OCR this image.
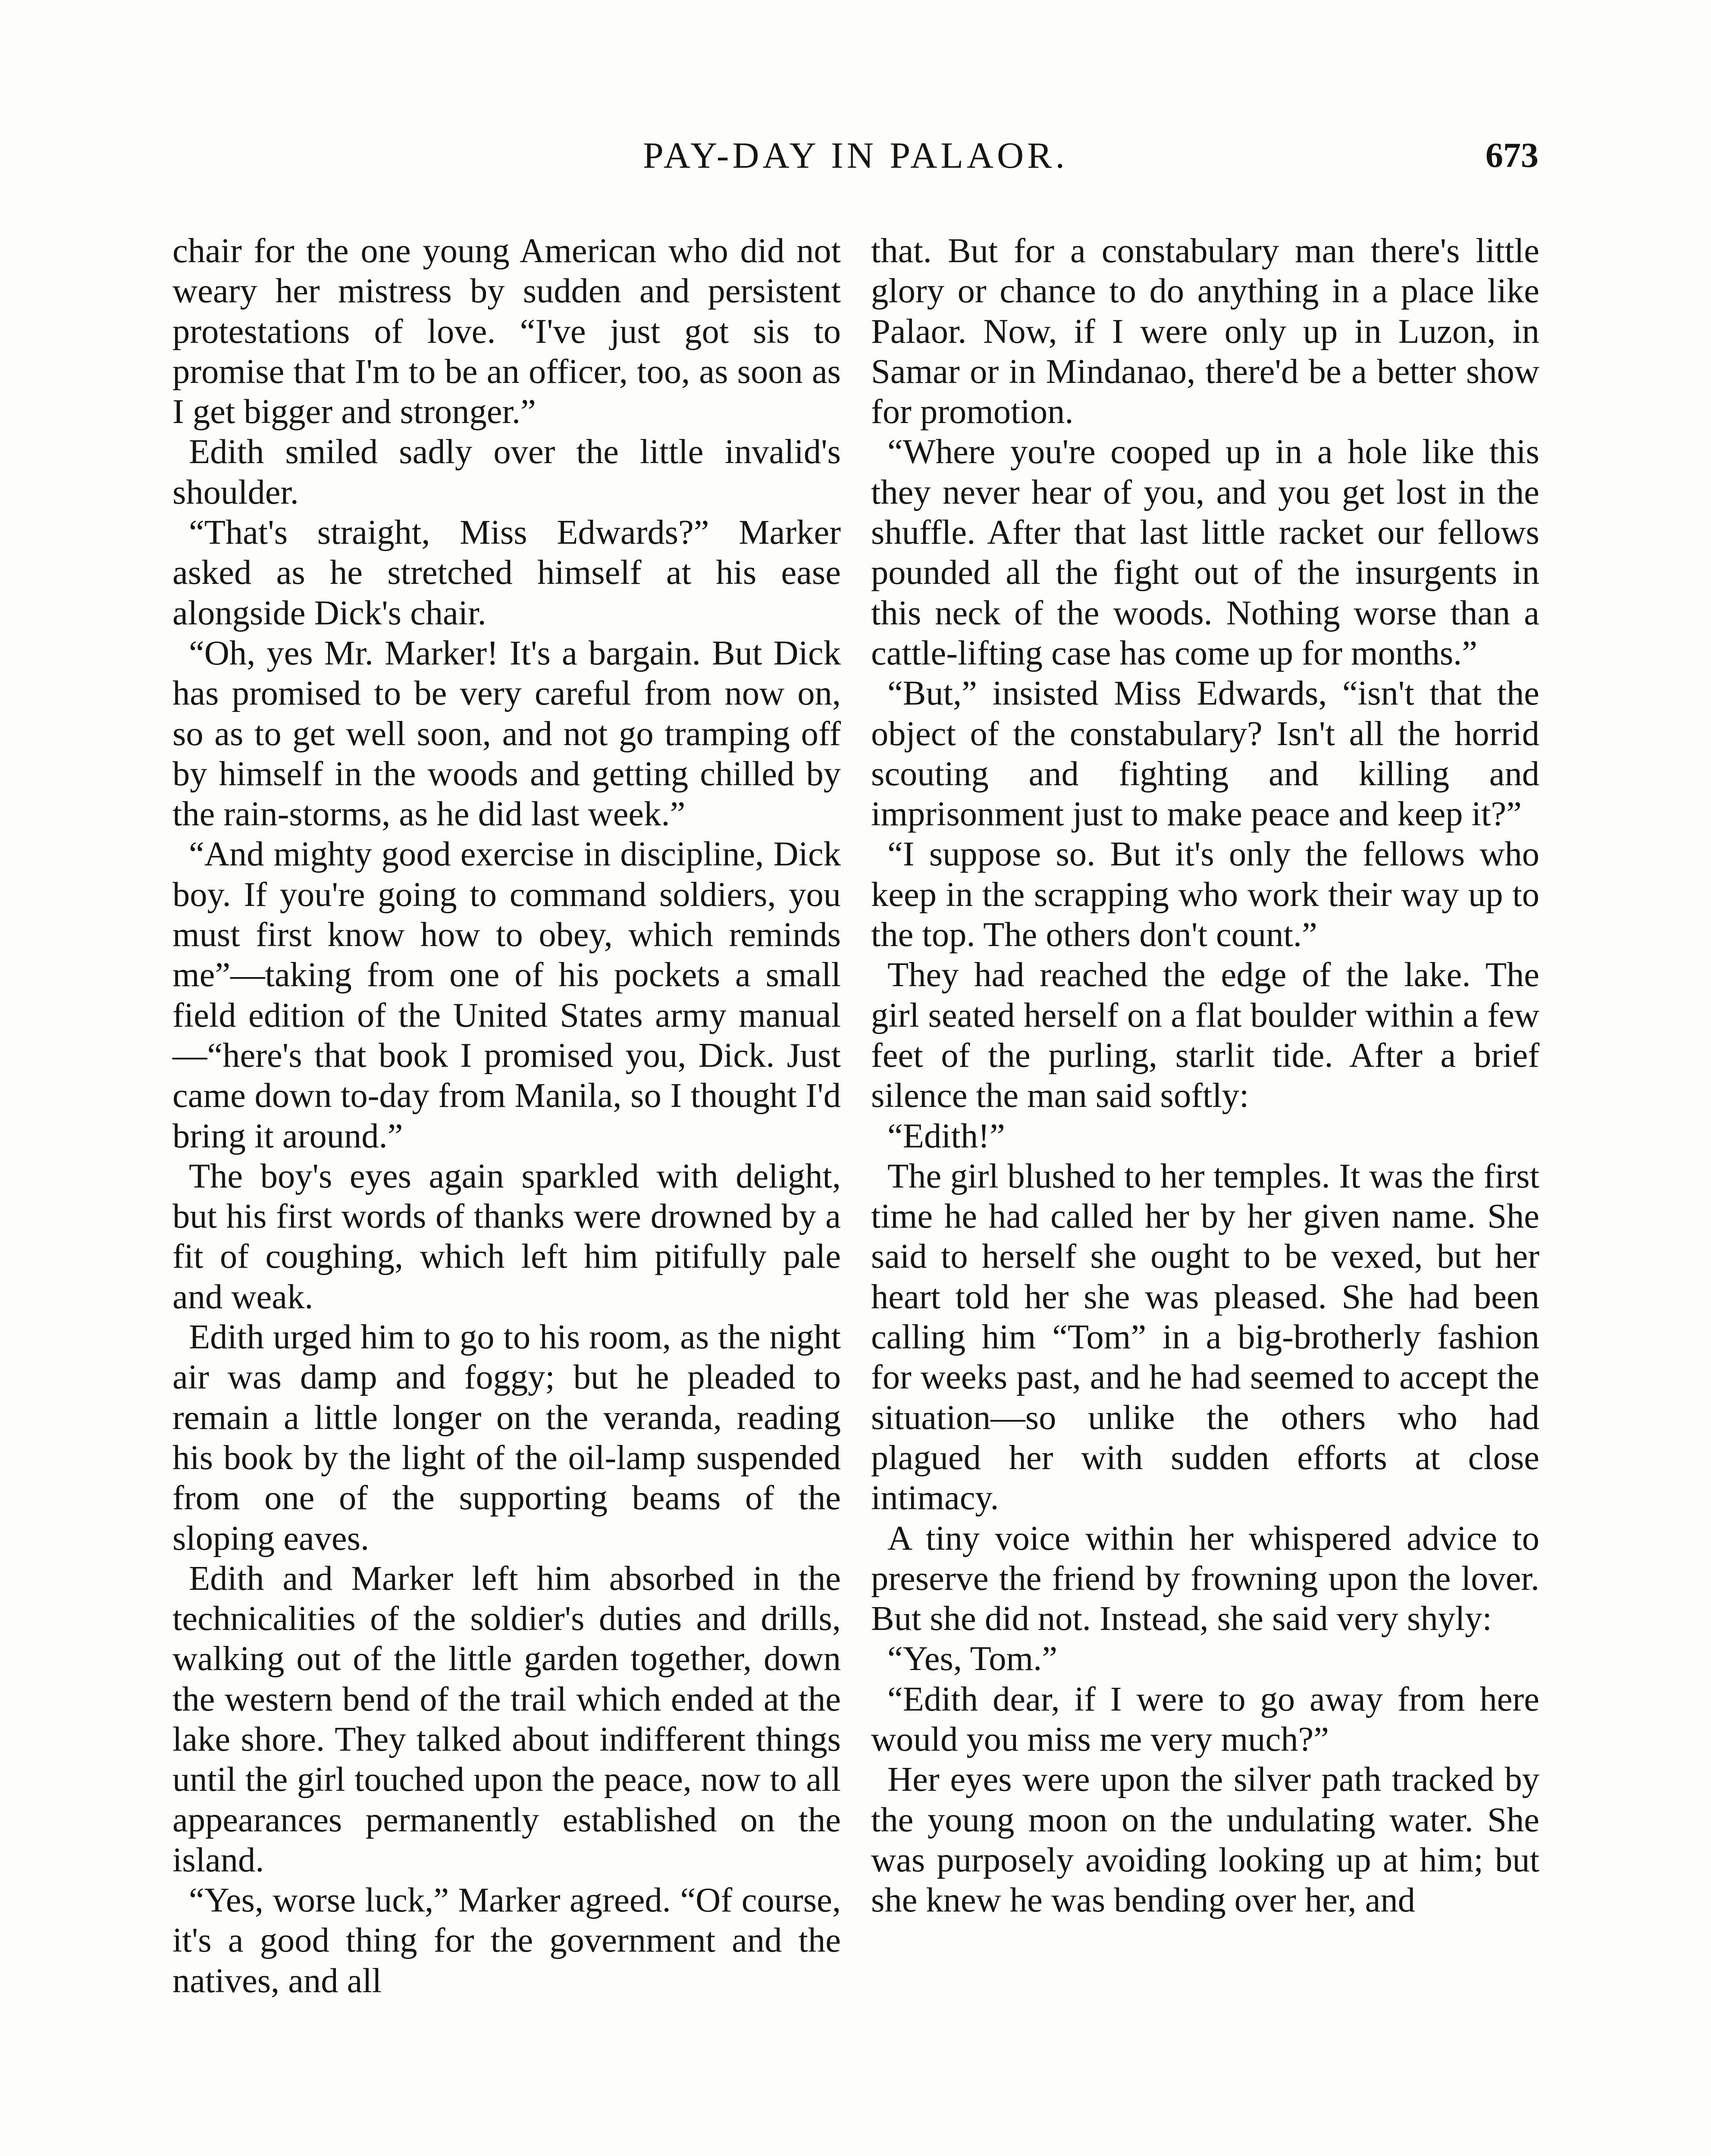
PAY-DAY IN PALAOR.	673

chair for the one young American who did not weary her mistress by sudden and persistent protestations of love. “I've just got sis to promise that I'm to be an officer, too, as soon as I get bigger and stronger.”

Edith smiled sadly over the little invalid's shoulder.

“That's straight, Miss Edwards?” Marker asked as he stretched himself at his ease alongside Dick's chair.

“Oh, yes Mr. Marker! It's a bargain. But Dick has promised to be very careful from now on, so as to get well soon, and not go tramping off by himself in the woods and getting chilled by the rain-storms, as he did last week.”

“And mighty good exercise in discipline, Dick boy. If you're going to command soldiers, you must first know how to obey, which reminds me”—taking from one of his pockets a small field edition of the United States army manual—“here's that book I promised you, Dick. Just came down to-day from Manila, so I thought I'd bring it around.”

The boy's eyes again sparkled with delight, but his first words of thanks were drowned by a fit of coughing, which left him pitifully pale and weak.

Edith urged him to go to his room, as the night air was damp and foggy; but he pleaded to remain a little longer on the veranda, reading his book by the light of the oil-lamp suspended from one of the supporting beams of the sloping eaves.

Edith and Marker left him absorbed in the technicalities of the soldier's duties and drills, walking out of the little garden together, down the western bend of the trail which ended at the lake shore. They talked about indifferent things until the girl touched upon the peace, now to all appearances permanently established on the island.

“Yes, worse luck,” Marker agreed. “Of course, it's a good thing for the government and the natives, and all

that. But for a constabulary man there's little glory or chance to do anything in a place like Palaor. Now, if I were only up in Luzon, in Samar or in Mindanao, there'd be a better show for promotion.

“Where you're cooped up in a hole like this they never hear of you, and you get lost in the shuffle. After that last little racket our fellows pounded all the fight out of the insurgents in this neck of the woods. Nothing worse than a cattle-lifting case has come up for months.”

“But,” insisted Miss Edwards, “isn't that the object of the constabulary? Isn't all the horrid scouting and fighting and killing and imprisonment just to make peace and keep it?”

“I suppose so. But it's only the fellows who keep in the scrapping who work their way up to the top. The others don't count.”

They had reached the edge of the lake. The girl seated herself on a flat boulder within a few feet of the purling, starlit tide. After a brief silence the man said softly:

“Edith!”

The girl blushed to her temples. It was the first time he had called her by her given name. She said to herself she ought to be vexed, but her heart told her she was pleased. She had been calling him “Tom” in a big-brotherly fashion for weeks past, and he had seemed to accept the situation—so unlike the others who had plagued her with sudden efforts at close intimacy.

A tiny voice within her whispered advice to preserve the friend by frowning upon the lover. But she did not. Instead, she said very shyly:

“Yes, Tom.”

“Edith dear, if I were to go away from here would you miss me very much?”

Her eyes were upon the silver path tracked by the young moon on the undulating water. She was purposely avoiding looking up at him; but she knew he was bending over her, and
